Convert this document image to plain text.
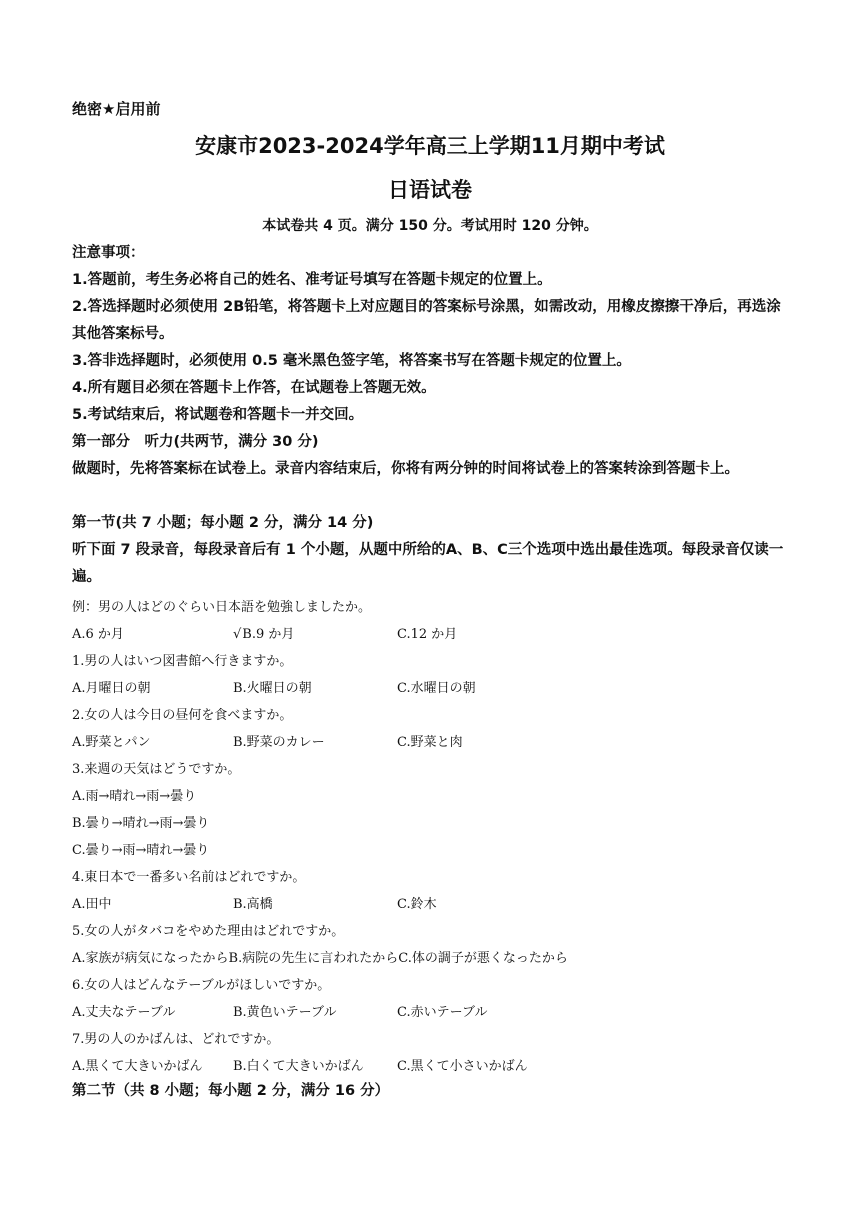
绝密★启用前
安康市2023-2024学年高三上学期11月期中考试
日语试卷
本试卷共 4 页。满分 150 分。考试用时 120 分钟。
注意事项：
1.答题前，考生务必将自己的姓名、准考证号填写在答题卡规定的位置上。
2.答选择题时必须使用 2B铅笔，将答题卡上对应题目的答案标号涂黑，如需改动，用橡皮擦擦干净后，再选涂其他答案标号。
3.答非选择题时，必须使用 0.5 毫米黑色签字笔，将答案书写在答题卡规定的位置上。
4.所有题目必须在答题卡上作答，在试题卷上答题无效。
5.考试结束后，将试题卷和答题卡一并交回。
第一部分　听力(共两节，满分 30 分)
做题时，先将答案标在试卷上。录音内容结束后，你将有两分钟的时间将试卷上的答案转涂到答题卡上。
第一节(共 7 小题；每小题 2 分，满分 14 分)
听下面 7 段录音，每段录音后有 1 个小题，从题中所给的A、B、C三个选项中选出最佳选项。每段录音仅读一遍。
例：男の人はどのぐらい日本語を勉強しましたか。
A.6 か月	√B.9 か月	C.12 か月
1.男の人はいつ図書館へ行きますか。
A.月曜日の朝	B.火曜日の朝	C.水曜日の朝
2.女の人は今日の昼何を食べますか。
A.野菜とパン	B.野菜のカレー	C.野菜と肉
3.来週の天気はどうですか。
A.雨→晴れ→雨→曇り
B.曇り→晴れ→雨→曇り
C.曇り→雨→晴れ→曇り
4.東日本で一番多い名前はどれですか。
A.田中	B.高橋	C.鈴木
5.女の人がタバコをやめた理由はどれですか。
A.家族が病気になったからB.病院の先生に言われたからC.体の調子が悪くなったから
6.女の人はどんなテーブルがほしいですか。
A.丈夫なテーブル	B.黄色いテーブル	C.赤いテーブル
7.男の人のかばんは、どれですか。
A.黒くて大きいかばん B.白くて大きいかばん	C.黒くて小さいかばん
第二节（共 8 小题；每小题 2 分，满分 16 分）
